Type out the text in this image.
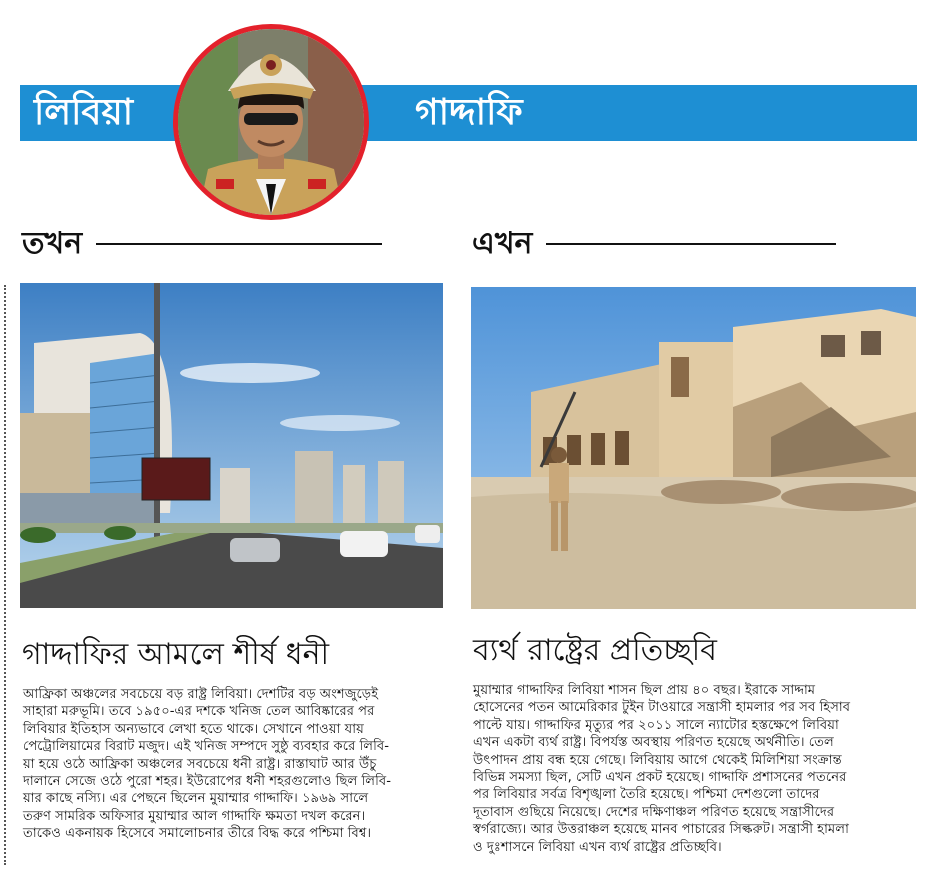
লিবিয়া	গাদ্দাফি
তখন
গাদ্দাফির আমলে শীর্ষ ধনী

আফ্রিকা অঞ্চলের সবচেয়ে বড় রাষ্ট্র লিবিয়া। দেশটির বড় অংশজুড়েই

সাহারা মরুভূমি। তবে ১৯৫০-এর দশকে খনিজ তেল আবিষ্কারের পর

লিবিয়ার ইতিহাস অন্যভাবে লেখা হতে থাকে। সেখানে পাওয়া যায়

পেট্রোলিয়ামের বিরাট মজুদ। এই খনিজ সম্পদে সুষ্ঠু ব্যবহার করে লিবি-

য়া হয়ে ওঠে আফ্রিকা অঞ্চলের সবচেয়ে ধনী রাষ্ট্র। রাস্তাঘাট আর উঁচু

দালানে সেজে ওঠে পুরো শহর। ইউরোপের ধনী শহরগুলোও ছিল লিবি-

য়ার কাছে নস্যি। এর পেছনে ছিলেন মুয়াম্মার গাদ্দাফি। ১৯৬৯ সালে

তরুণ সামরিক অফিসার মুয়াম্মার আল গাদ্দাফি ক্ষমতা দখল করেন।

তাকেও একনায়ক হিসেবে সমালোচনার তীরে বিদ্ধ করে পশ্চিমা বিশ্ব।

এখন
ব্যর্থ রাষ্ট্রের প্রতিচ্ছবি

মুয়াম্মার গাদ্দাফির লিবিয়া শাসন ছিল প্রায় ৪০ বছর। ইরাকে সাদ্দাম

হোসেনের পতন আমেরিকার টুইন টাওয়ারে সন্ত্রাসী হামলার পর সব হিসাব

পাল্টে যায়। গাদ্দাফির মৃত্যুর পর ২০১১ সালে ন্যাটোর হস্তক্ষেপে লিবিয়া

এখন একটা ব্যর্থ রাষ্ট্র। বিপর্যস্ত অবস্থায় পরিণত হয়েছে অর্থনীতি। তেল

উৎপাদন প্রায় বন্ধ হয়ে গেছে। লিবিয়ায় আগে থেকেই মিলিশিয়া সংক্রান্ত

বিভিন্ন সমস্যা ছিল, সেটি এখন প্রকট হয়েছে। গাদ্দাফি প্রশাসনের পতনের

পর লিবিয়ার সর্বত্র বিশৃঙ্খলা তৈরি হয়েছে। পশ্চিমা দেশগুলো তাদের

দূতাবাস গুছিয়ে নিয়েছে। দেশের দক্ষিণাঞ্চল পরিণত হয়েছে সন্ত্রাসীদের

স্বর্গরাজ্যে। আর উত্তরাঞ্চল হয়েছে মানব পাচারের সিল্করুট। সন্ত্রাসী হামলা

ও দুঃশাসনে লিবিয়া এখন ব্যর্থ রাষ্ট্রের প্রতিচ্ছবি।
